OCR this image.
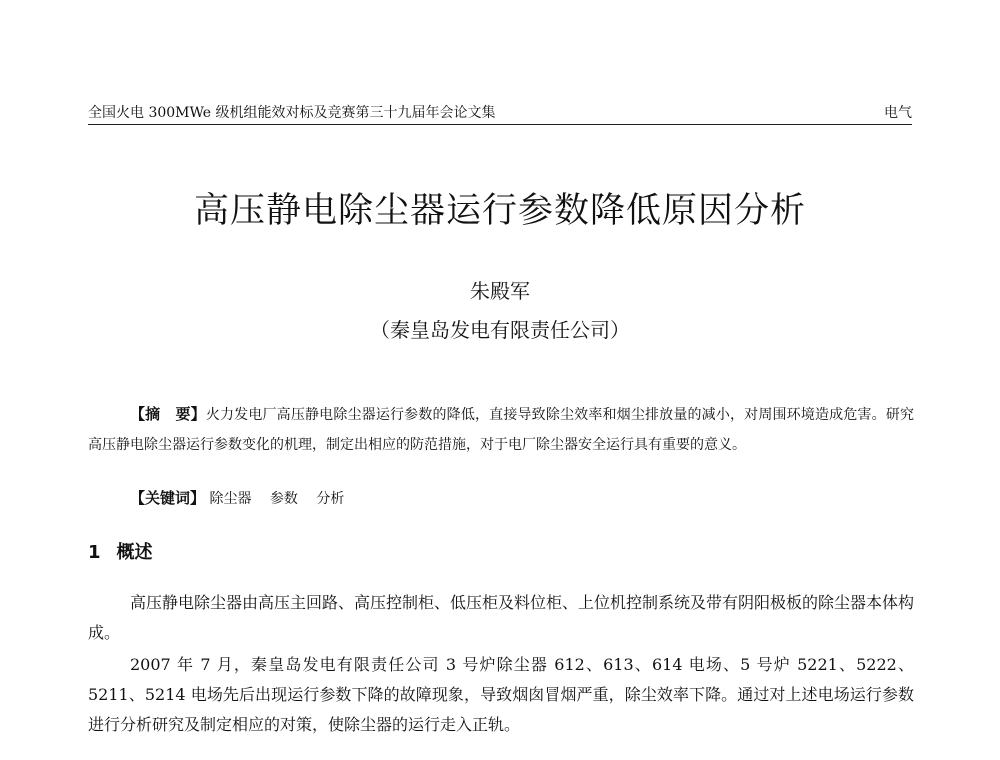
全国火电 300MWe 级机组能效对标及竞赛第三十九届年会论文集	电气
高压静电除尘器运行参数降低原因分析
朱殿军
（秦皇岛发电有限责任公司）

【摘　要】火力发电厂高压静电除尘器运行参数的降低，直接导致除尘效率和烟尘排放量的减小，对周围环境造成危害。研究高压静电除尘器运行参数变化的机理，制定出相应的防范措施，对于电厂除尘器安全运行具有重要的意义。

【关键词】 除尘器 参数 分析
1 概述

高压静电除尘器由高压主回路、高压控制柜、低压柜及料位柜、上位机控制系统及带有阴阳极板的除尘器本体构成。

2007 年 7 月，秦皇岛发电有限责任公司 3 号炉除尘器 612、613、614 电场、5 号炉 5221、5222、5211、5214 电场先后出现运行参数下降的故障现象，导致烟囱冒烟严重，除尘效率下降。通过对上述电场运行参数进行分析研究及制定相应的对策，使除尘器的运行走入正轨。
